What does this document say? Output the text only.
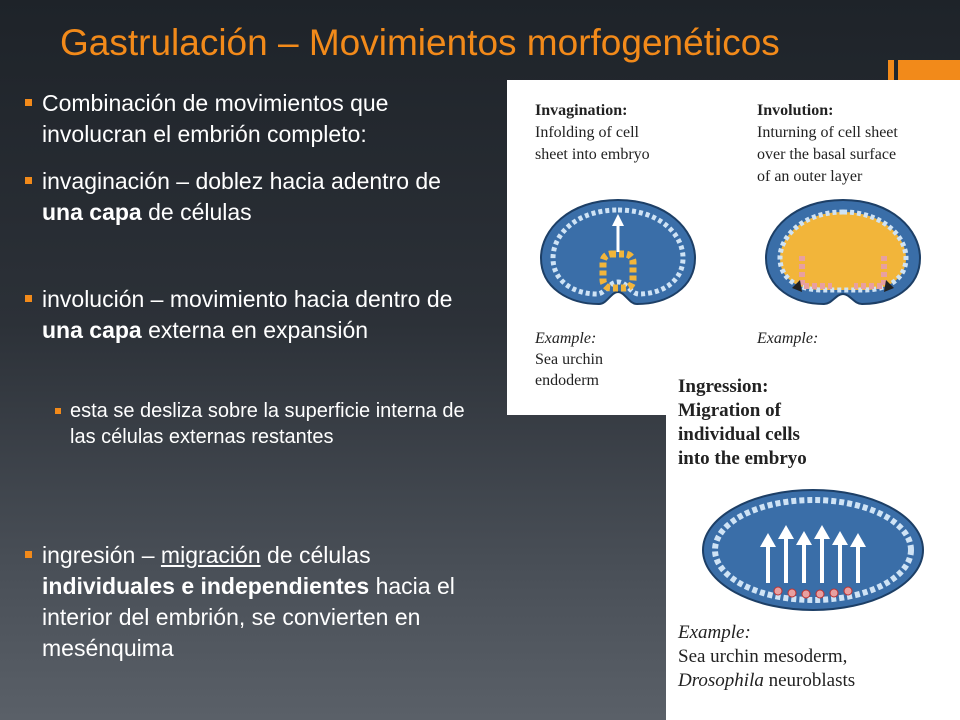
Gastrulación – Movimientos morfogenéticos
Combinación de movimientos que involucran el embrión completo:
invaginación – doblez hacia adentro de una capa de células
involución – movimiento hacia dentro de una capa externa en expansión
esta se desliza sobre la superficie interna de las células externas restantes
ingresión – migración de células individuales e independientes hacia el interior del embrión, se convierten en mesénquima
Invagination:
Infolding of cell
sheet into embryo
Involution:
Inturning of cell sheet
over the basal surface
of an outer layer
Example:
Sea urchin
endoderm
Example:
Ingression:
Migration of
individual cells
into the embryo
Example:
Sea urchin mesoderm,
Drosophila neuroblasts
